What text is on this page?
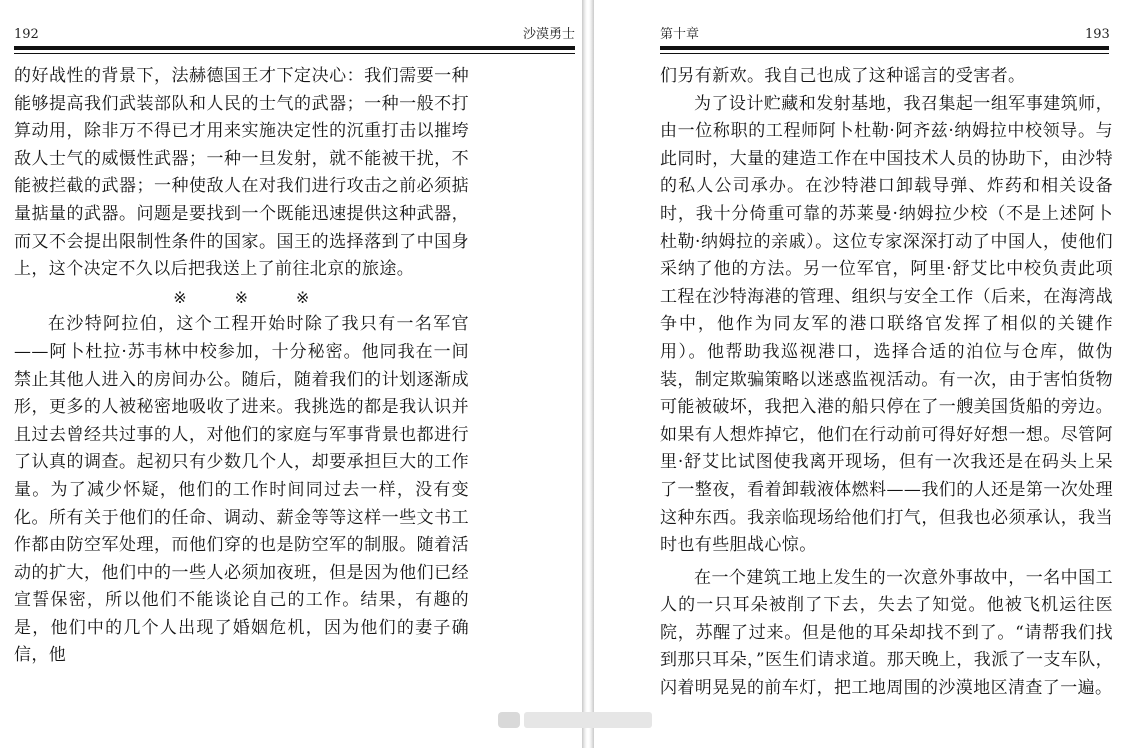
192	沙漠勇士

的好战性的背景下，法赫德国王才下定决心：我们需要一种能够提高我们武装部队和人民的士气的武器；一种一般不打算动用，除非万不得已才用来实施决定性的沉重打击以摧垮敌人士气的威慑性武器；一种一旦发射，就不能被干扰，不能被拦截的武器；一种使敌人在对我们进行攻击之前必须掂量掂量的武器。问题是要找到一个既能迅速提供这种武器，而又不会提出限制性条件的国家。国王的选择落到了中国身上，这个决定不久以后把我送上了前往北京的旅途。

※ ※ ※

在沙特阿拉伯，这个工程开始时除了我只有一名军官——阿卜杜拉·苏韦林中校参加，十分秘密。他同我在一间禁止其他人进入的房间办公。随后，随着我们的计划逐渐成形，更多的人被秘密地吸收了进来。我挑选的都是我认识并且过去曾经共过事的人，对他们的家庭与军事背景也都进行了认真的调查。起初只有少数几个人，却要承担巨大的工作量。为了减少怀疑，他们的工作时间同过去一样，没有变化。所有关于他们的任命、调动、薪金等等这样一些文书工作都由防空军处理，而他们穿的也是防空军的制服。随着活动的扩大，他们中的一些人必须加夜班，但是因为他们已经宣誓保密，所以他们不能谈论自己的工作。结果，有趣的是，他们中的几个人出现了婚姻危机，因为他们的妻子确信，他

第十章	193

们另有新欢。我自己也成了这种谣言的受害者。

为了设计贮藏和发射基地，我召集起一组军事建筑师，由一位称职的工程师阿卜杜勒·阿齐兹·纳姆拉中校领导。与此同时，大量的建造工作在中国技术人员的协助下，由沙特的私人公司承办。在沙特港口卸载导弹、炸药和相关设备时，我十分倚重可靠的苏莱曼·纳姆拉少校（不是上述阿卜杜勒·纳姆拉的亲戚）。这位专家深深打动了中国人，使他们采纳了他的方法。另一位军官，阿里·舒艾比中校负责此项工程在沙特海港的管理、组织与安全工作（后来，在海湾战争中，他作为同友军的港口联络官发挥了相似的关键作用）。他帮助我巡视港口，选择合适的泊位与仓库，做伪装，制定欺骗策略以迷惑监视活动。有一次，由于害怕货物可能被破坏，我把入港的船只停在了一艘美国货船的旁边。如果有人想炸掉它，他们在行动前可得好好想一想。尽管阿里·舒艾比试图使我离开现场，但有一次我还是在码头上呆了一整夜，看着卸载液体燃料——我们的人还是第一次处理这种东西。我亲临现场给他们打气，但我也必须承认，我当时也有些胆战心惊。

在一个建筑工地上发生的一次意外事故中，一名中国工人的一只耳朵被削了下去，失去了知觉。他被飞机运往医院，苏醒了过来。但是他的耳朵却找不到了。“请帮我们找到那只耳朵，”医生们请求道。那天晚上，我派了一支车队，闪着明晃晃的前车灯，把工地周围的沙漠地区清查了一遍。
